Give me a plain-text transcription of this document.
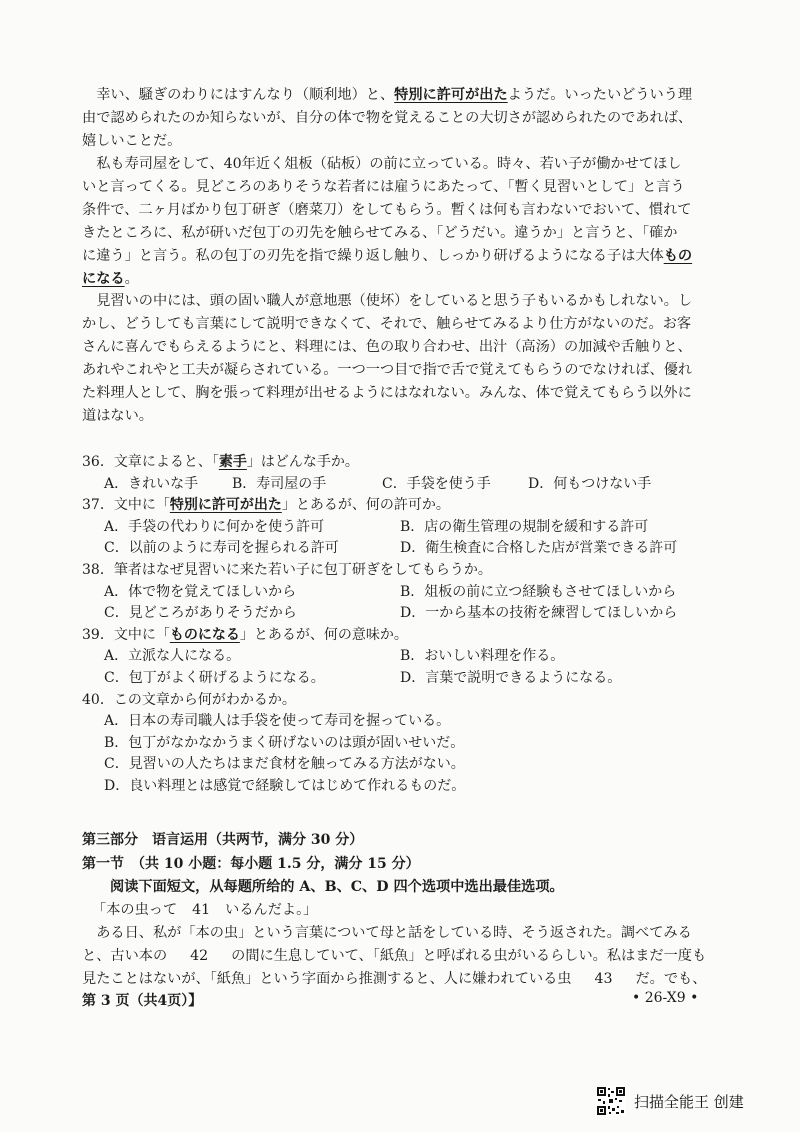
　幸い、騒ぎのわりにはすんなり（顺利地）と、特別に許可が出たようだ。いったいどういう理
由で認められたのか知らないが、自分の体で物を覚えることの大切さが認められたのであれば、
嬉しいことだ。
　私も寿司屋をして、40年近く俎板（砧板）の前に立っている。時々、若い子が働かせてほし
いと言ってくる。見どころのありそうな若者には雇うにあたって、「暫く見習いとして」と言う
条件で、二ヶ月ばかり包丁研ぎ（磨菜刀）をしてもらう。暫くは何も言わないでおいて、慣れて
きたところに、私が研いだ包丁の刃先を触らせてみる、「どうだい。違うか」と言うと、「確か
に違う」と言う。私の包丁の刃先を指で繰り返し触り、しっかり研げるようになる子は大体もの
になる。
　見習いの中には、頭の固い職人が意地悪（使坏）をしていると思う子もいるかもしれない。し
かし、どうしても言葉にして説明できなくて、それで、触らせてみるより仕方がないのだ。お客
さんに喜んでもらえるようにと、料理には、色の取り合わせ、出汁（高汤）の加減や舌触りと、
あれやこれやと工夫が凝らされている。一つ一つ目で指で舌で覚えてもらうのでなければ、優れ
た料理人として、胸を張って料理が出せるようにはなれない。みんな、体で覚えてもらう以外に
道はない。
36．文章によると、「素手」はどんな手か。
A．きれいな手 B．寿司屋の手	C．手袋を使う手	D．何もつけない手
37．文中に「特別に許可が出た」とあるが、何の許可か。
A．手袋の代わりに何かを使う許可	B．店の衛生管理の規制を緩和する許可
C．以前のように寿司を握られる許可	D．衛生検査に合格した店が営業できる許可
38．筆者はなぜ見習いに来た若い子に包丁研ぎをしてもらうか。
A．体で物を覚えてほしいから	B．俎板の前に立つ経験もさせてほしいから
C．見どころがありそうだから	D．一から基本の技術を練習してほしいから
39．文中に「ものになる」とあるが、何の意味か。
A．立派な人になる。	B．おいしい料理を作る。
C．包丁がよく研げるようになる。	D．言葉で説明できるようになる。
40．この文章から何がわかるか。
A．日本の寿司職人は手袋を使って寿司を握っている。
B．包丁がなかなかうまく研げないのは頭が固いせいだ。
C．見習いの人たちはまだ食材を触ってみる方法がない。
D．良い料理とは感覚で経験してはじめて作れるものだ。
第三部分　语言运用（共两节，满分 30 分）
第一节　（共 10 小题：每小题 1.5 分，满分 15 分）
阅读下面短文，从每题所给的 A、B、C、D 四个选项中选出最佳选项。
「本の虫って 41 いるんだよ。」
　ある日、私が「本の虫」という言葉について母と話をしている時、そう返された。調べてみる
と、古い本の 42 の間に生息していて、「紙魚」と呼ばれる虫がいるらしい。私はまだ一度も
見たことはないが、「紙魚」という字面から推測すると、人に嫌われている虫 43 だ。でも、
第 3 页（共4页）】	• 26-X9 •
扫描全能王 创建
